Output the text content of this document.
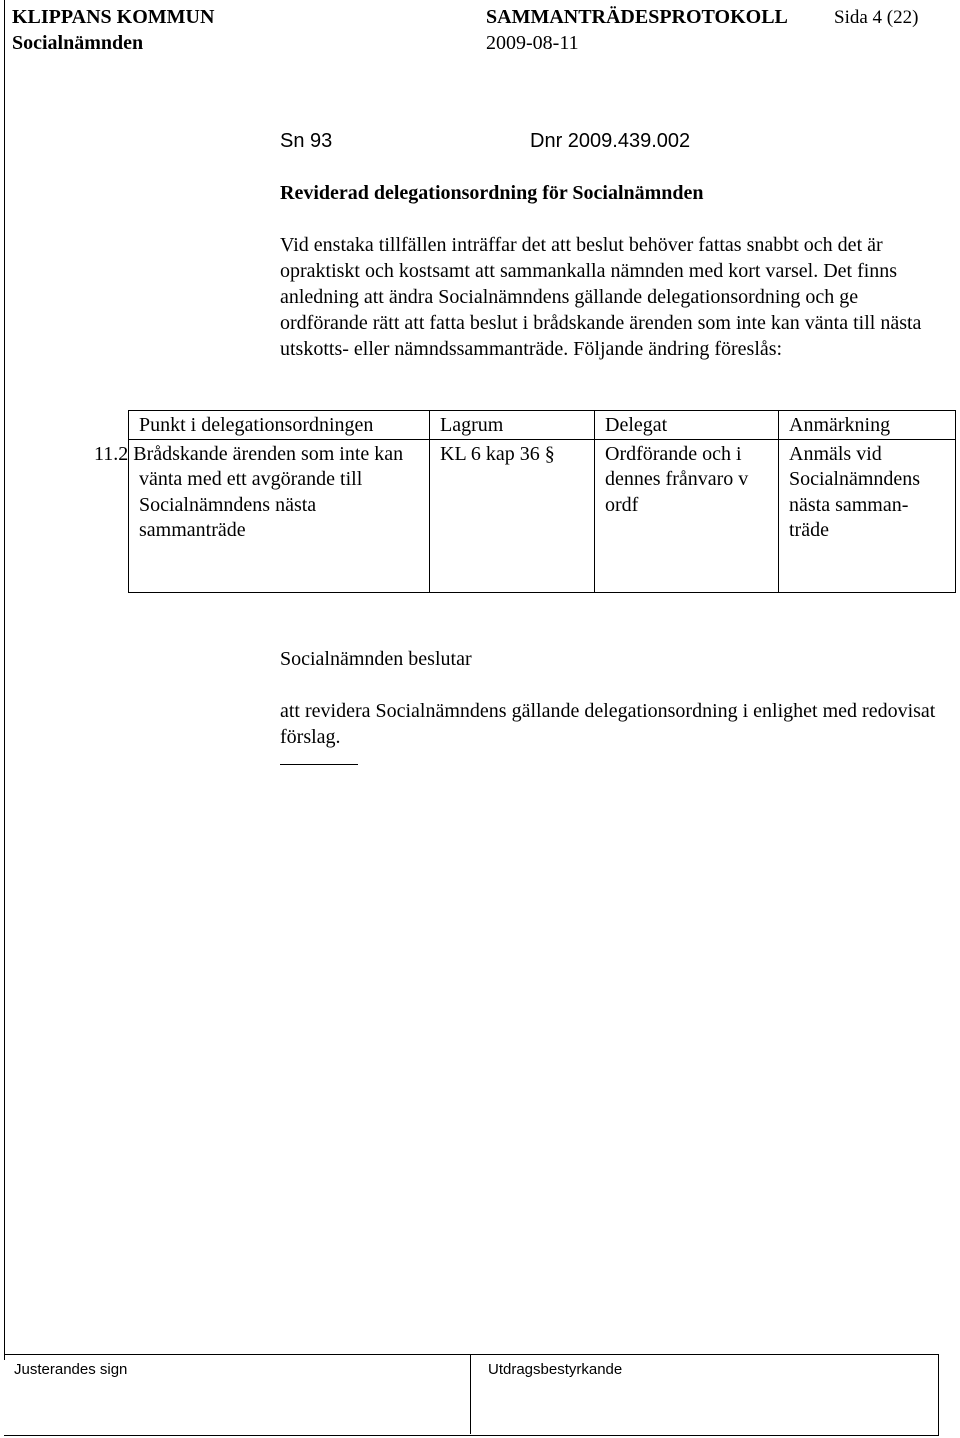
KLIPPANS KOMMUN
Socialnämnden
SAMMANTRÄDESPROTOKOLL Sida 4 (22)
2009-08-11
Sn 93	Dnr 2009.439.002
Reviderad delegationsordning för Socialnämnden
Vid enstaka tillfällen inträffar det att beslut behöver fattas snabbt och det är opraktiskt och kostsamt att sammankalla nämnden med kort varsel. Det finns anledning att ändra Socialnämndens gällande delegationsordning och ge ordförande rätt att fatta beslut i brådskande ärenden som inte kan vänta till nästa utskotts- eller nämndssammanträde. Följande ändring föreslås:
Punkt i delegationsordningen	Lagrum	Delegat	Anmärkning
11.2 Brådskande ärenden som inte kan vänta med ett avgörande till Socialnämndens nästa sammanträde	KL 6 kap 36 §	Ordförande och i dennes frånvaro v ordf	Anmäls vid Socialnämndens nästa samman-träde
Socialnämnden beslutar
att revidera Socialnämndens gällande delegationsordning i enlighet med redovisat förslag.
Justerandes sign	Utdragsbestyrkande
